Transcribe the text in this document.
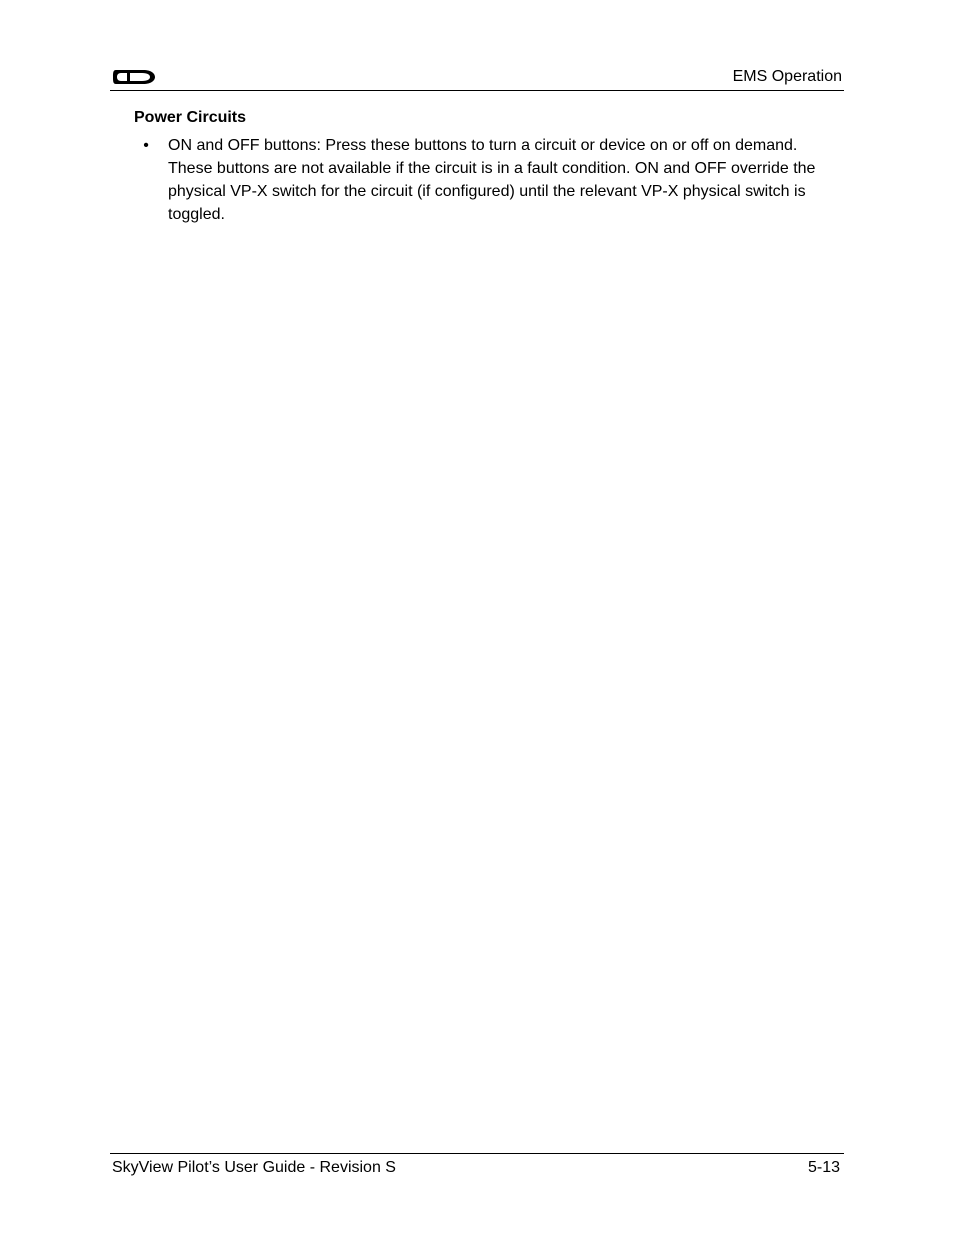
EMS Operation
Power Circuits
• ON and OFF buttons: Press these buttons to turn a circuit or device on or off on demand. These buttons are not available if the circuit is in a fault condition. ON and OFF override the physical VP-X switch for the circuit (if configured) until the relevant VP-X physical switch is toggled.
SkyView Pilot’s User Guide - Revision S	5-13
